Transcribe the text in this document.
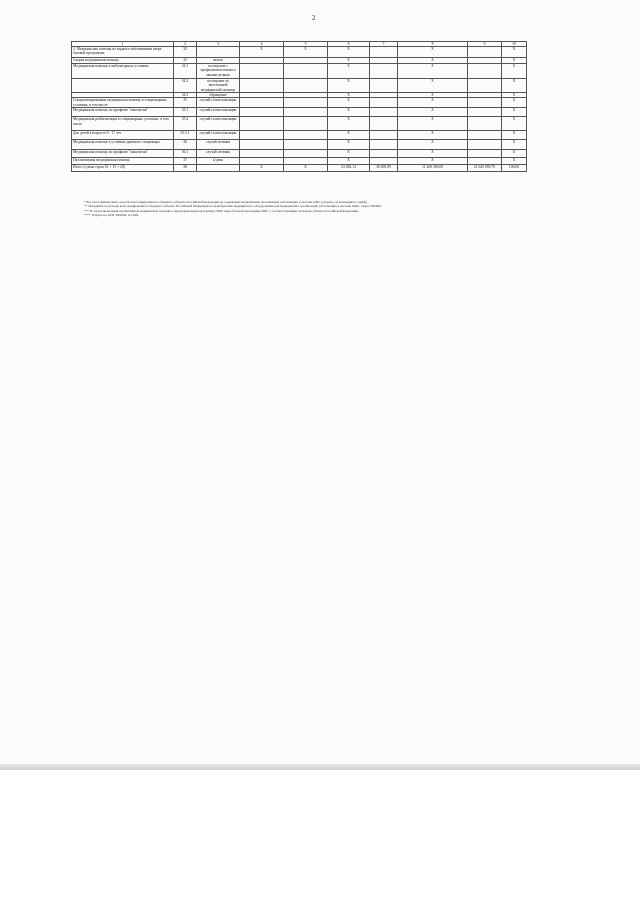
2
1	2	3	4	5	6	7	8	9	10
2. Медицинская помощь по видам и заболеваниям сверх базовой программы:	32		Х	Х	Х		Х		Х
Скорая медицинская помощь	33	вызов			Х		Х		Х
Медицинская помощь в амбулаторных условиях	34.1	посещение с профилактическими и иными целями			Х		Х		Х
	34.2	посещение по неотложной медицинской помощи			Х		Х		Х
	34.3	обращение			Х		Х		Х
Специализированная медицинская помощь в стационарных условиях, в том числе	35	случай госпитализации			Х		Х		Х
Медицинская помощь по профилю "онкология"	35.1	случай госпитализации			Х		Х		Х
Медицинская реабилитация в стационарных условиях, в том числе	35.2	случай госпитализации			Х		Х		Х
Для детей в возрасте 0 - 17 лет	35.2.1	случай госпитализации			Х		Х		Х
Медицинская помощь в условиях дневного стационара	36	случай лечения			Х		Х		Х
Медицинская помощь по профилю "онкология"	36.1	случай лечения			Х		Х		Х
Паллиативная медицинская помощь	37	к/день			Х		Х		Х
Итого (сумма строк 01 + 15 + 20)	38		Х	Х	23 082,13	38 005,89	11 268 369,00	21 645 859,70	100,00
* Без учета финансовых средств консолидированного бюджета субъекта Российской Федерации на содержание медицинских организаций, работающих в системе ОМС (затраты, не вошедшие в тариф).
** Указываются расходы консолидированного бюджета субъекта Российской Федерации на приобретение медицинского оборудования для медицинских организаций, работающих в системе ОМС, сверх ТПОМС.
*** В случае включения паллиативной медицинской помощи в территориальную программу ОМС сверх базовой программы ОМС с соответствующим платежом субъекта Российской Федерации.
**** Затраты на АУП ТФОМС и СМО.
